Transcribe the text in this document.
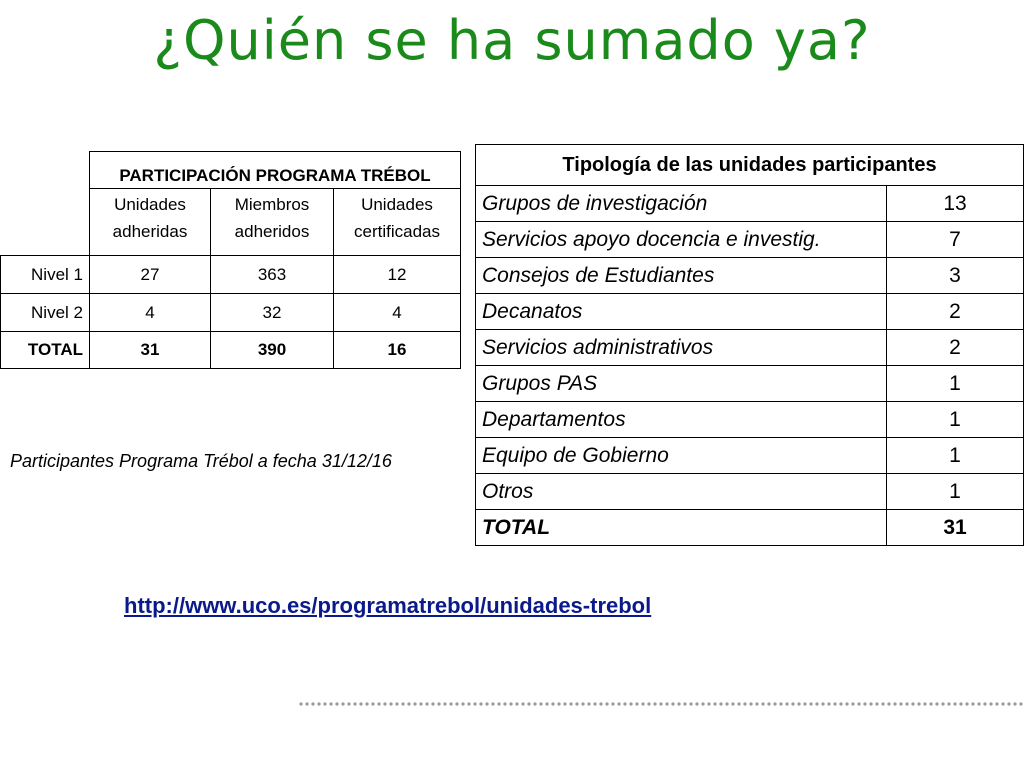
¿Quién se ha sumado ya?
	PARTICIPACIÓN PROGRAMA TRÉBOL		
	Unidades adheridas	Miembros adheridos	Unidades certificadas
Nivel 1	27	363	12
Nivel 2	4	32	4
TOTAL	31	390	16
Tipología de las unidades participantes	
Grupos de investigación	13
Servicios apoyo docencia e investig.	7
Consejos de Estudiantes	3
Decanatos	2
Servicios administrativos	2
Grupos PAS	1
Departamentos	1
Equipo de Gobierno	1
Otros	1
TOTAL	31
Participantes Programa Trébol a fecha 31/12/16
http://www.uco.es/programatrebol/unidades-trebol
